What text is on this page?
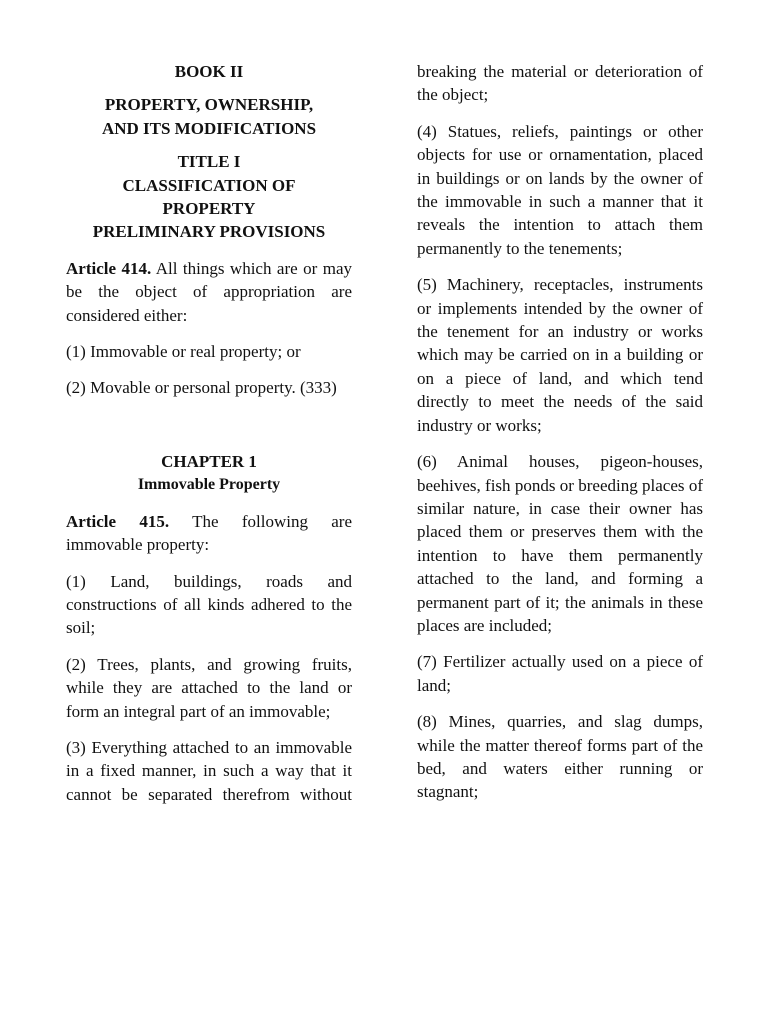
BOOK II
PROPERTY, OWNERSHIP,
AND ITS MODIFICATIONS
TITLE I
CLASSIFICATION OF
PROPERTY
PRELIMINARY PROVISIONS

Article 414. All things which are or may be the object of appropriation are considered either:

(1) Immovable or real property; or

(2) Movable or personal property. (333)

CHAPTER 1
Immovable Property

Article 415. The following are immovable property:

(1) Land, buildings, roads and constructions of all kinds adhered to the soil;

(2) Trees, plants, and growing fruits, while they are attached to the land or form an integral part of an immovable;

(3) Everything attached to an immovable in a fixed manner, in such a way that it cannot be separated therefrom without

breaking the material or deterioration of the object;

(4) Statues, reliefs, paintings or other objects for use or ornamentation, placed in buildings or on lands by the owner of the immovable in such a manner that it reveals the intention to attach them permanently to the tenements;

(5) Machinery, receptacles, instruments or implements intended by the owner of the tenement for an industry or works which may be carried on in a building or on a piece of land, and which tend directly to meet the needs of the said industry or works;

(6) Animal houses, pigeon-houses, beehives, fish ponds or breeding places of similar nature, in case their owner has placed them or preserves them with the intention to have them permanently attached to the land, and forming a permanent part of it; the animals in these places are included;

(7) Fertilizer actually used on a piece of land;

(8) Mines, quarries, and slag dumps, while the matter thereof forms part of the bed, and waters either running or stagnant;
